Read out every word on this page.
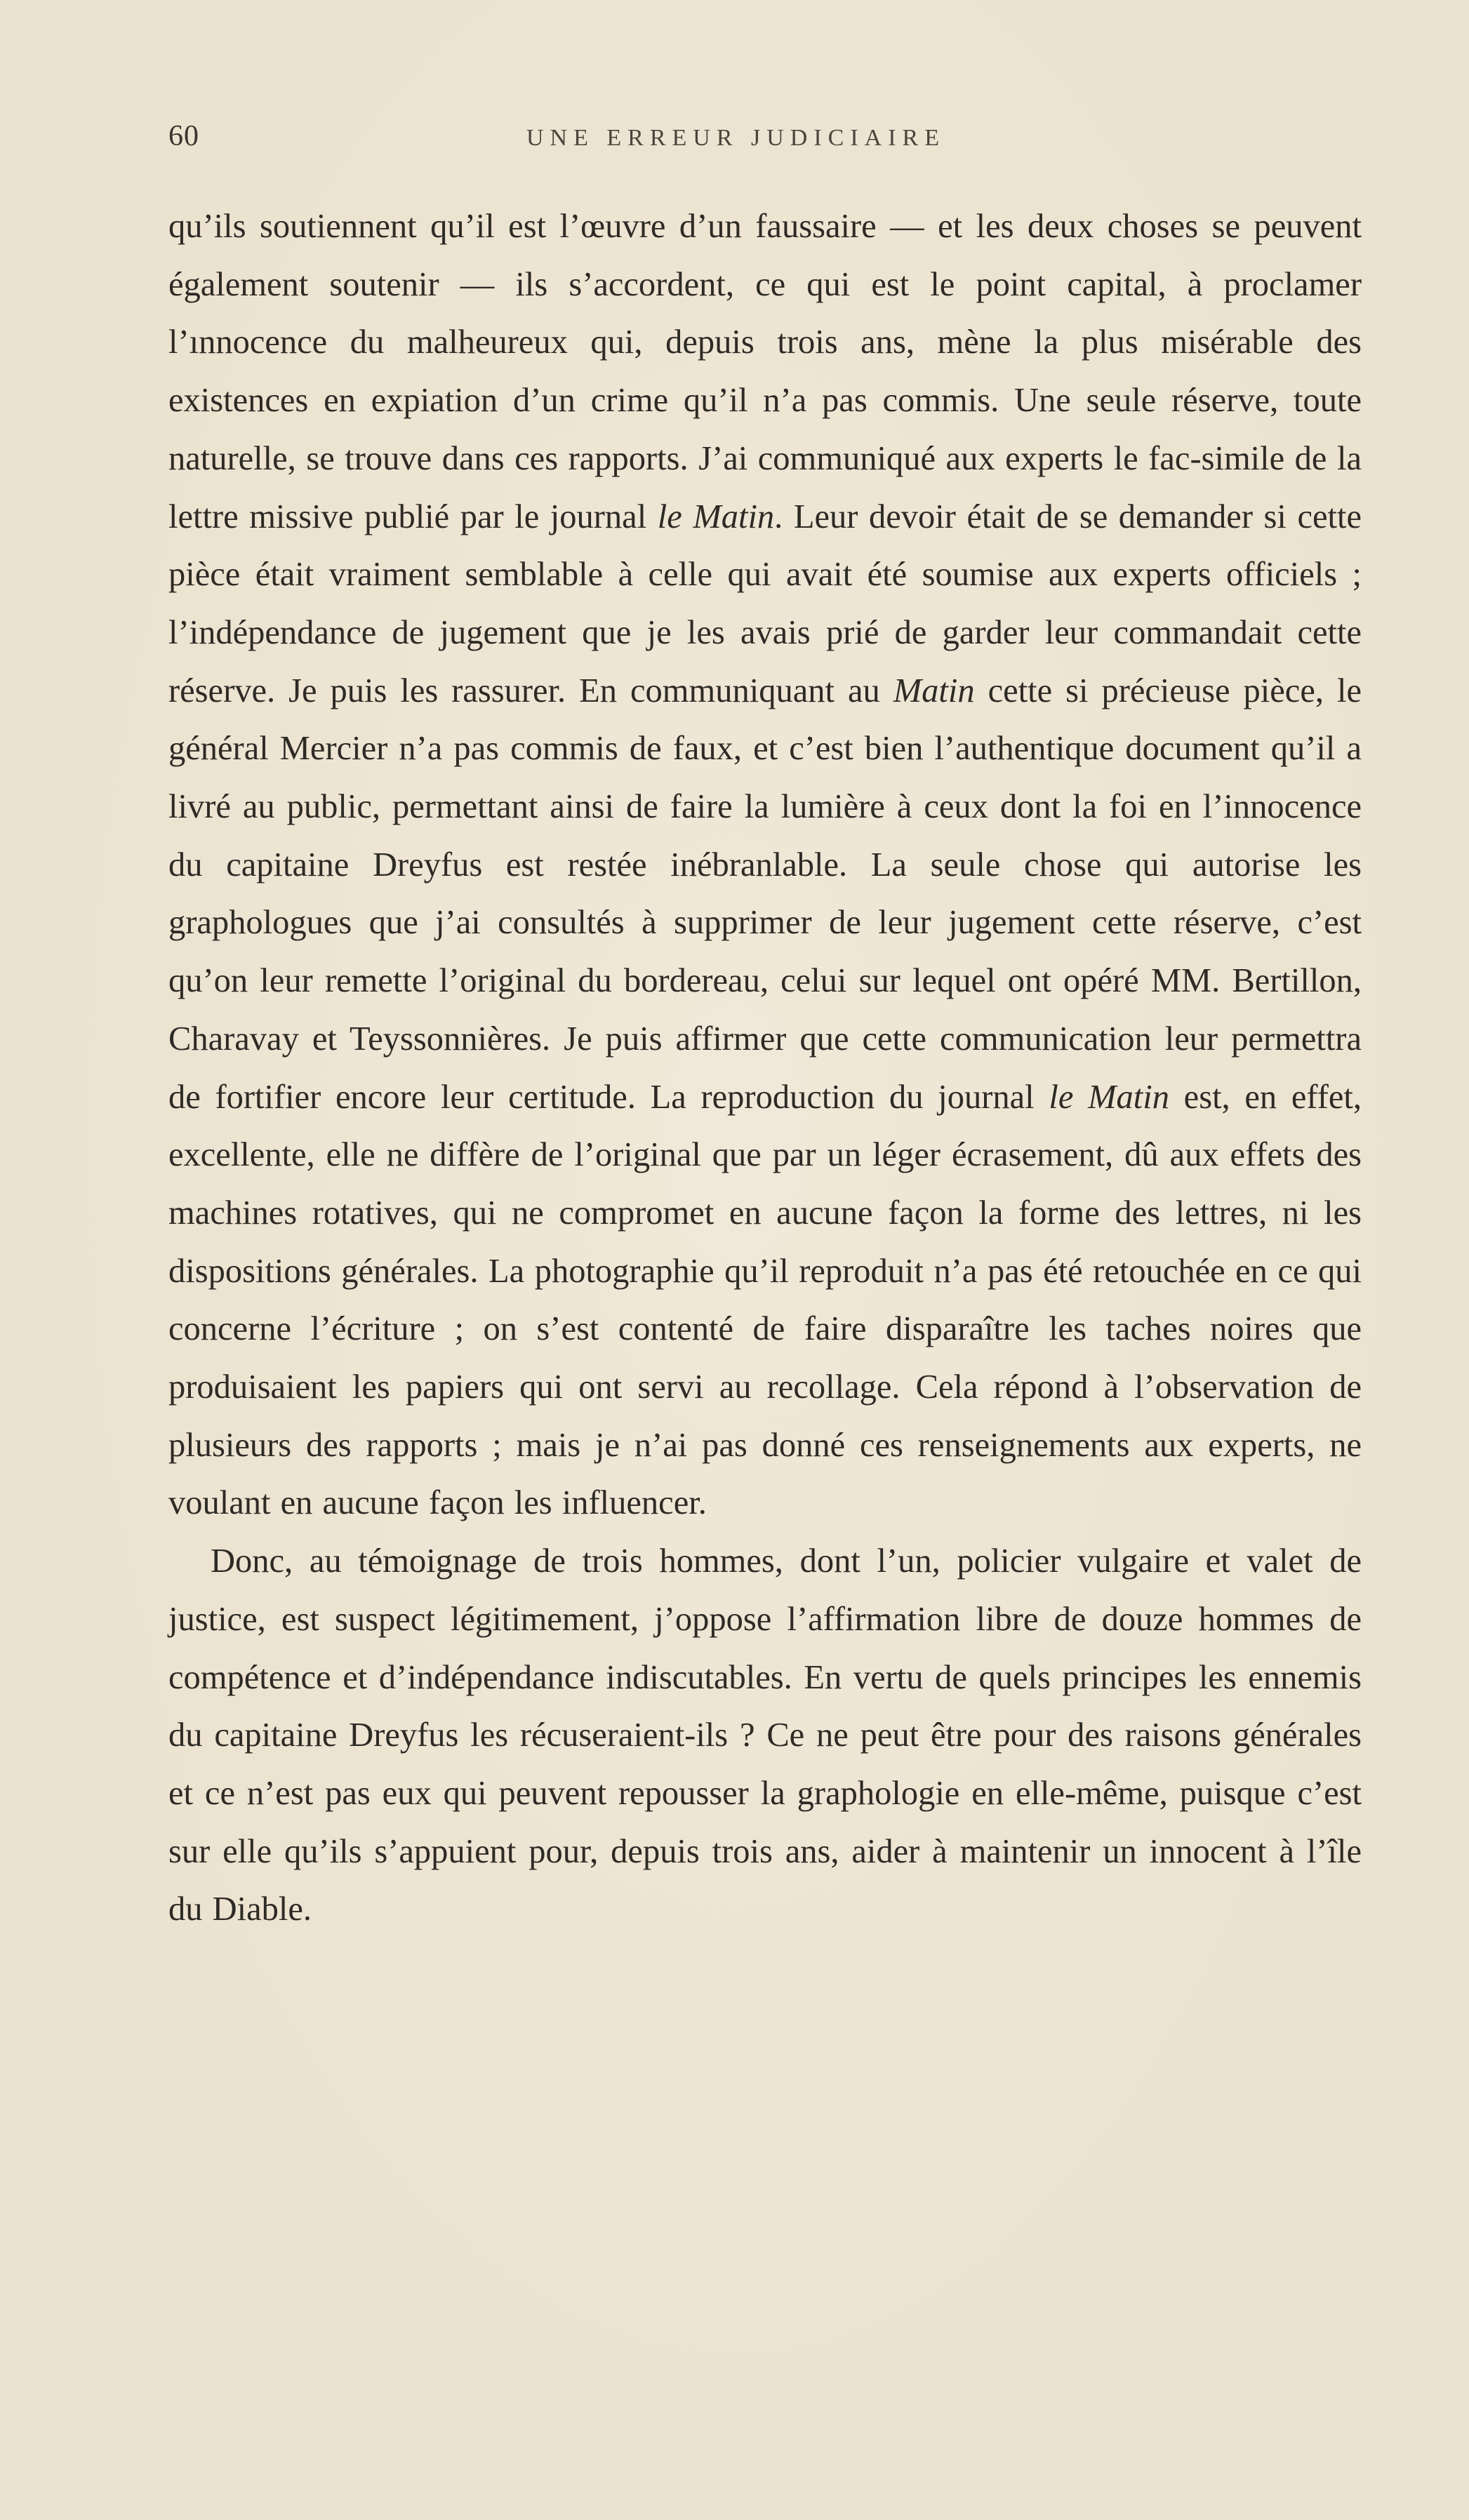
60	UNE ERREUR JUDICIAIRE

qu’ils soutiennent qu’il est l’œuvre d’un faussaire — et les deux choses se peuvent également soutenir — ils s’accordent, ce qui est le point capital, à proclamer l’ınnocence du malheureux qui, depuis trois ans, mène la plus misérable des existences en expiation d’un crime qu’il n’a pas commis. Une seule réserve, toute naturelle, se trouve dans ces rapports. J’ai communiqué aux experts le fac-simile de la lettre missive publié par le journal le Matin. Leur devoir était de se demander si cette pièce était vraiment semblable à celle qui avait été soumise aux experts officiels ; l’indépendance de jugement que je les avais prié de garder leur commandait cette réserve. Je puis les rassurer. En communiquant au Matin cette si précieuse pièce, le général Mercier n’a pas commis de faux, et c’est bien l’authentique document qu’il a livré au public, permettant ainsi de faire la lumière à ceux dont la foi en l’innocence du capitaine Dreyfus est restée inébranlable. La seule chose qui autorise les graphologues que j’ai consultés à supprimer de leur jugement cette réserve, c’est qu’on leur remette l’original du bordereau, celui sur lequel ont opéré MM. Bertillon, Charavay et Teyssonnières. Je puis affirmer que cette communication leur permettra de fortifier encore leur certitude. La reproduction du journal le Matin est, en effet, excellente, elle ne diffère de l’original que par un léger écrasement, dû aux effets des machines rotatives, qui ne compromet en aucune façon la forme des lettres, ni les dispositions générales. La photographie qu’il reproduit n’a pas été retouchée en ce qui concerne l’écriture ; on s’est contenté de faire disparaître les taches noires que produisaient les papiers qui ont servi au recollage. Cela répond à l’observation de plusieurs des rapports ; mais je n’ai pas donné ces renseignements aux experts, ne voulant en aucune façon les influencer.

Donc, au témoignage de trois hommes, dont l’un, policier vulgaire et valet de justice, est suspect légitimement, j’oppose l’affirmation libre de douze hommes de compétence et d’indépendance indiscutables. En vertu de quels principes les ennemis du capitaine Dreyfus les récuseraient-ils ? Ce ne peut être pour des raisons générales et ce n’est pas eux qui peuvent repousser la graphologie en elle-même, puisque c’est sur elle qu’ils s’appuient pour, depuis trois ans, aider à maintenir un innocent à l’île du Diable.
